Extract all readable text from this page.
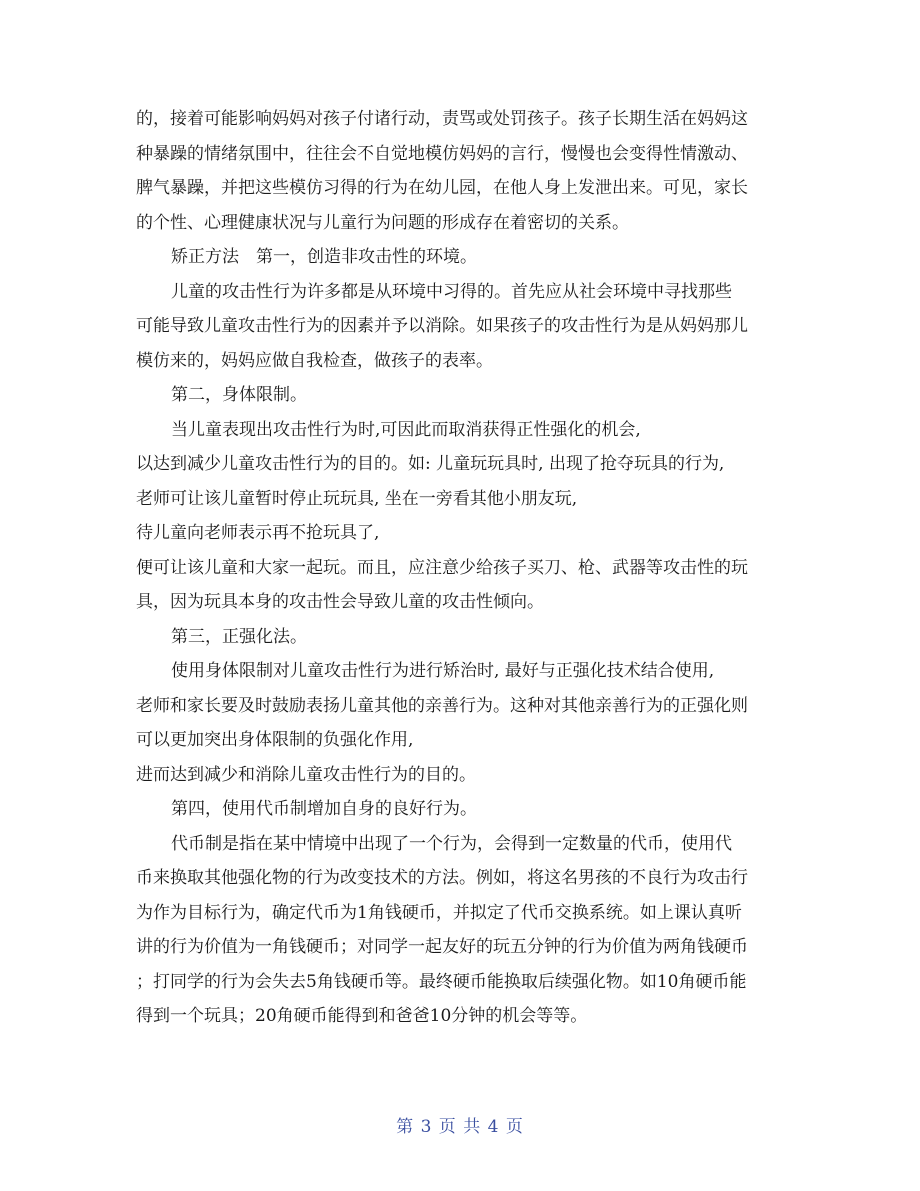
的，接着可能影响妈妈对孩子付诸行动，责骂或处罚孩子。孩子长期生活在妈妈这
种暴躁的情绪氛围中，往往会不自觉地模仿妈妈的言行，慢慢也会变得性情激动、
脾气暴躁，并把这些模仿习得的行为在幼儿园，在他人身上发泄出来。可见，家长
的个性、心理健康状况与儿童行为问题的形成存在着密切的关系。
矫正方法　第一，创造非攻击性的环境。
儿童的攻击性行为许多都是从环境中习得的。首先应从社会环境中寻找那些
可能导致儿童攻击性行为的因素并予以消除。如果孩子的攻击性行为是从妈妈那儿
模仿来的，妈妈应做自我检查，做孩子的表率。
第二，身体限制。
当儿童表现出攻击性行为时,可因此而取消获得正性强化的机会,
以达到减少儿童攻击性行为的目的。如: 儿童玩玩具时, 出现了抢夺玩具的行为,
老师可让该儿童暂时停止玩玩具, 坐在一旁看其他小朋友玩,
待儿童向老师表示再不抢玩具了,
便可让该儿童和大家一起玩。而且，应注意少给孩子买刀、枪、武器等攻击性的玩
具，因为玩具本身的攻击性会导致儿童的攻击性倾向。
第三，正强化法。
使用身体限制对儿童攻击性行为进行矫治时, 最好与正强化技术结合使用,
老师和家长要及时鼓励表扬儿童其他的亲善行为。这种对其他亲善行为的正强化则
可以更加突出身体限制的负强化作用,
进而达到减少和消除儿童攻击性行为的目的。
第四，使用代币制增加自身的良好行为。
代币制是指在某中情境中出现了一个行为，会得到一定数量的代币，使用代
币来换取其他强化物的行为改变技术的方法。例如，将这名男孩的不良行为攻击行
为作为目标行为，确定代币为1角钱硬币，并拟定了代币交换系统。如上课认真听
讲的行为价值为一角钱硬币；对同学一起友好的玩五分钟的行为价值为两角钱硬币
；打同学的行为会失去5角钱硬币等。最终硬币能换取后续强化物。如10角硬币能
得到一个玩具；20角硬币能得到和爸爸10分钟的机会等等。
第 3 页 共 4 页
